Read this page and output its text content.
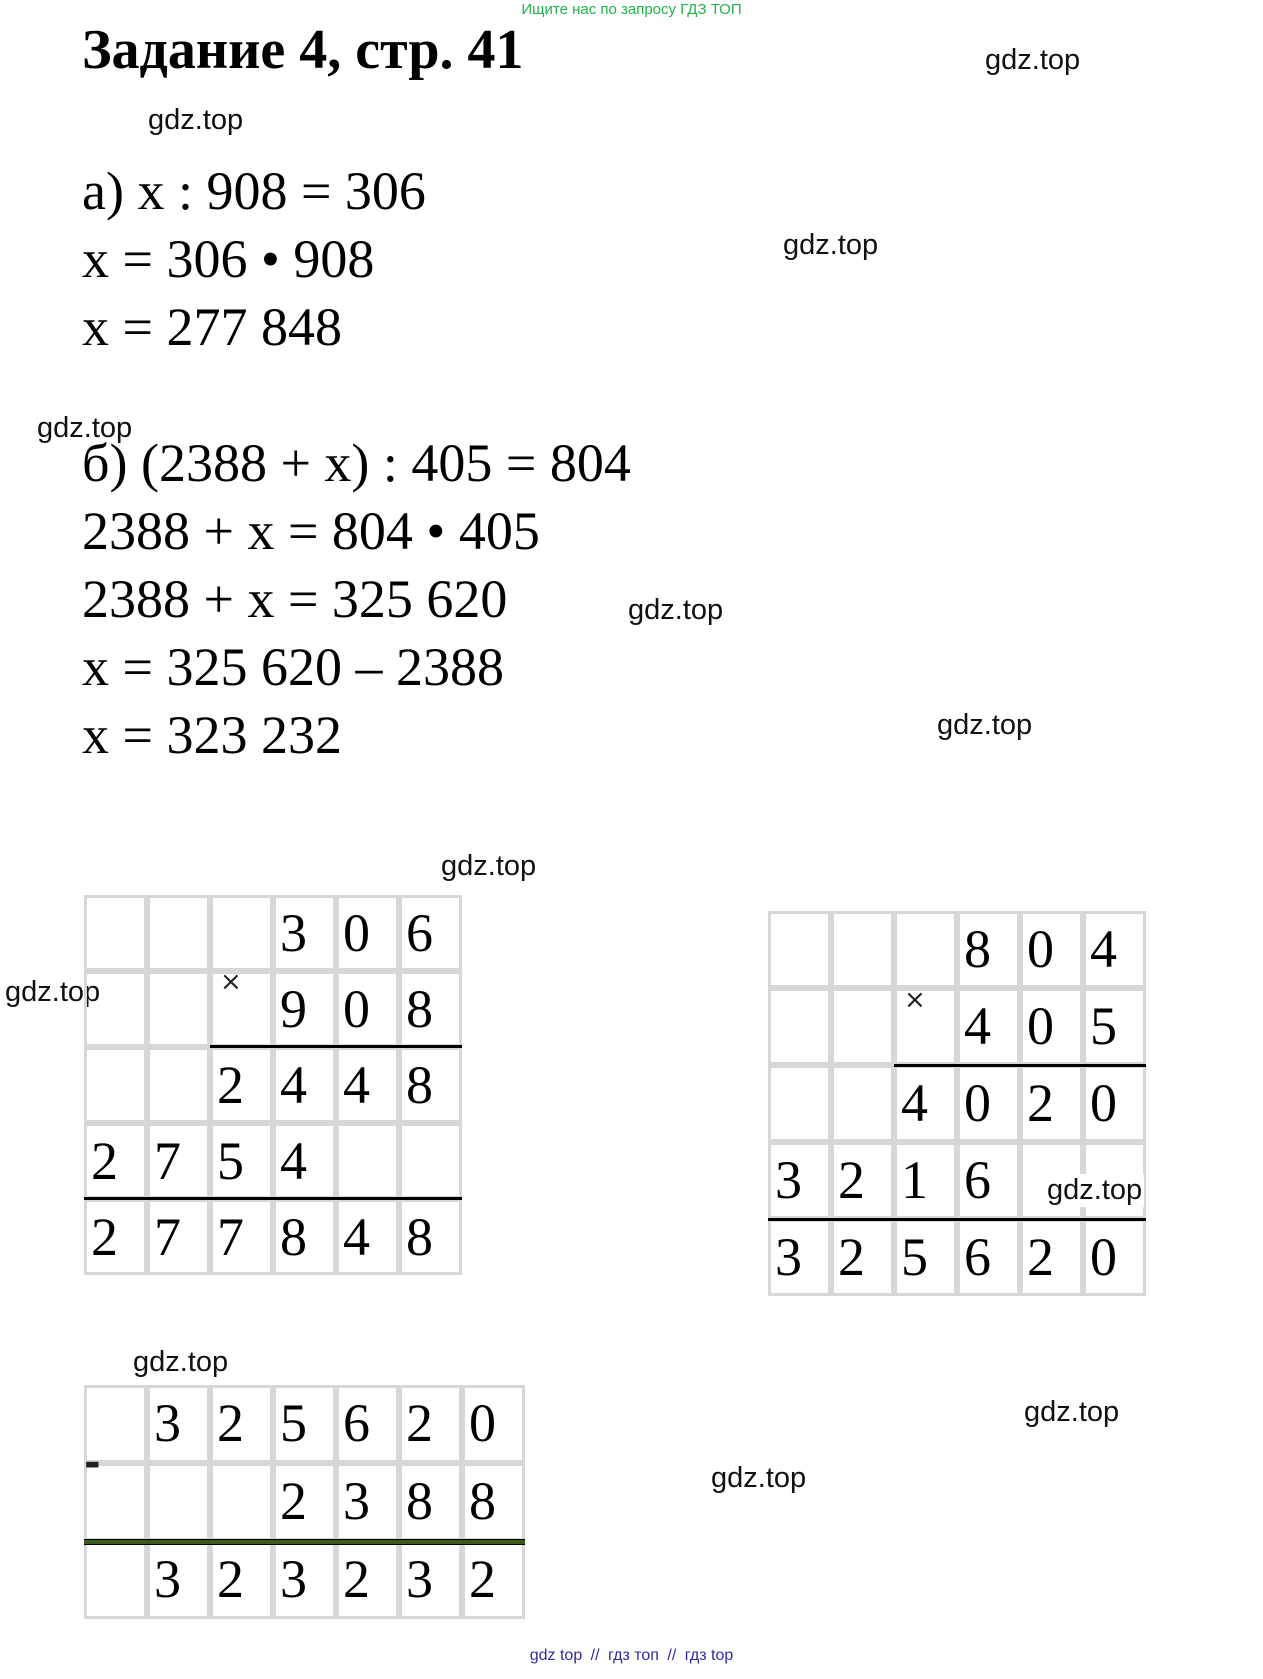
Ищите нас по запросу ГДЗ ТОП
Задание 4, стр. 41
а) x : 908 = 306
x = 306 • 908
x = 277 848
б) (2388 + x) : 405 = 804
2388 + x = 804 • 405
2388 + x = 325 620
x = 325 620 – 2388
x = 323 232
gdz.top
gdz.top
gdz.top
gdz.top
gdz.top
gdz.top
gdz.top
gdz.top
gdz.top
gdz.top
gdz.top
3 0 6
9 0 8
2 4 4 8
2 7 5 4
2 7 7 8 4 8
×
8 0 4
4 0 5
4 0 2 0
3 2 1 6
3 2 5 6 2 0
×
3 2 5 6 2 0
2 3 8 8
3 2 3 2 3 2
-
gdz.top
gdz top // гдз топ // гдз top
